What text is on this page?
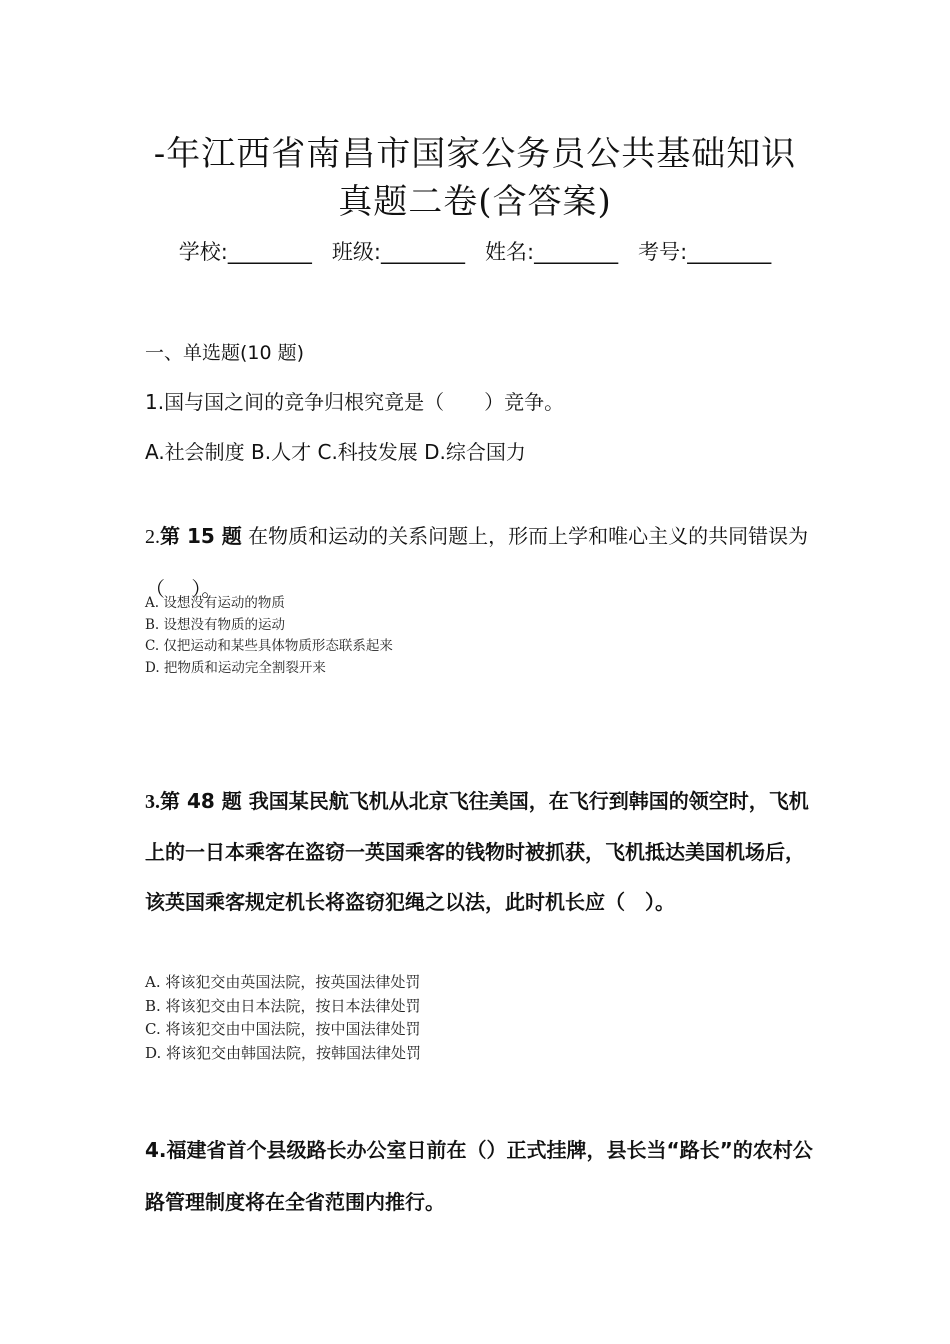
-年江西省南昌市国家公务员公共基础知识
真题二卷(含答案)
学校:________ 班级:________ 姓名:________ 考号:________
一、单选题(10 题)
1.国与国之间的竞争归根究竟是（　　）竞争。
A.社会制度 B.人才 C.科技发展 D.综合国力
2.第 15 题 在物质和运动的关系问题上，形而上学和唯心主义的共同错误为（　 ）。
A. 设想没有运动的物质
B. 设想没有物质的运动
C. 仅把运动和某些具体物质形态联系起来
D. 把物质和运动完全割裂开来
3.第 48 题 我国某民航飞机从北京飞往美国，在飞行到韩国的领空时，飞机上的一日本乘客在盗窃一英国乘客的钱物时被抓获，飞机抵达美国机场后，该英国乘客规定机长将盗窃犯绳之以法，此时机长应（　）。
A. 将该犯交由英国法院，按英国法律处罚
B. 将该犯交由日本法院，按日本法律处罚
C. 将该犯交由中国法院，按中国法律处罚
D. 将该犯交由韩国法院，按韩国法律处罚
4.福建省首个县级路长办公室日前在（）正式挂牌，县长当“路长”的农村公路管理制度将在全省范围内推行。
